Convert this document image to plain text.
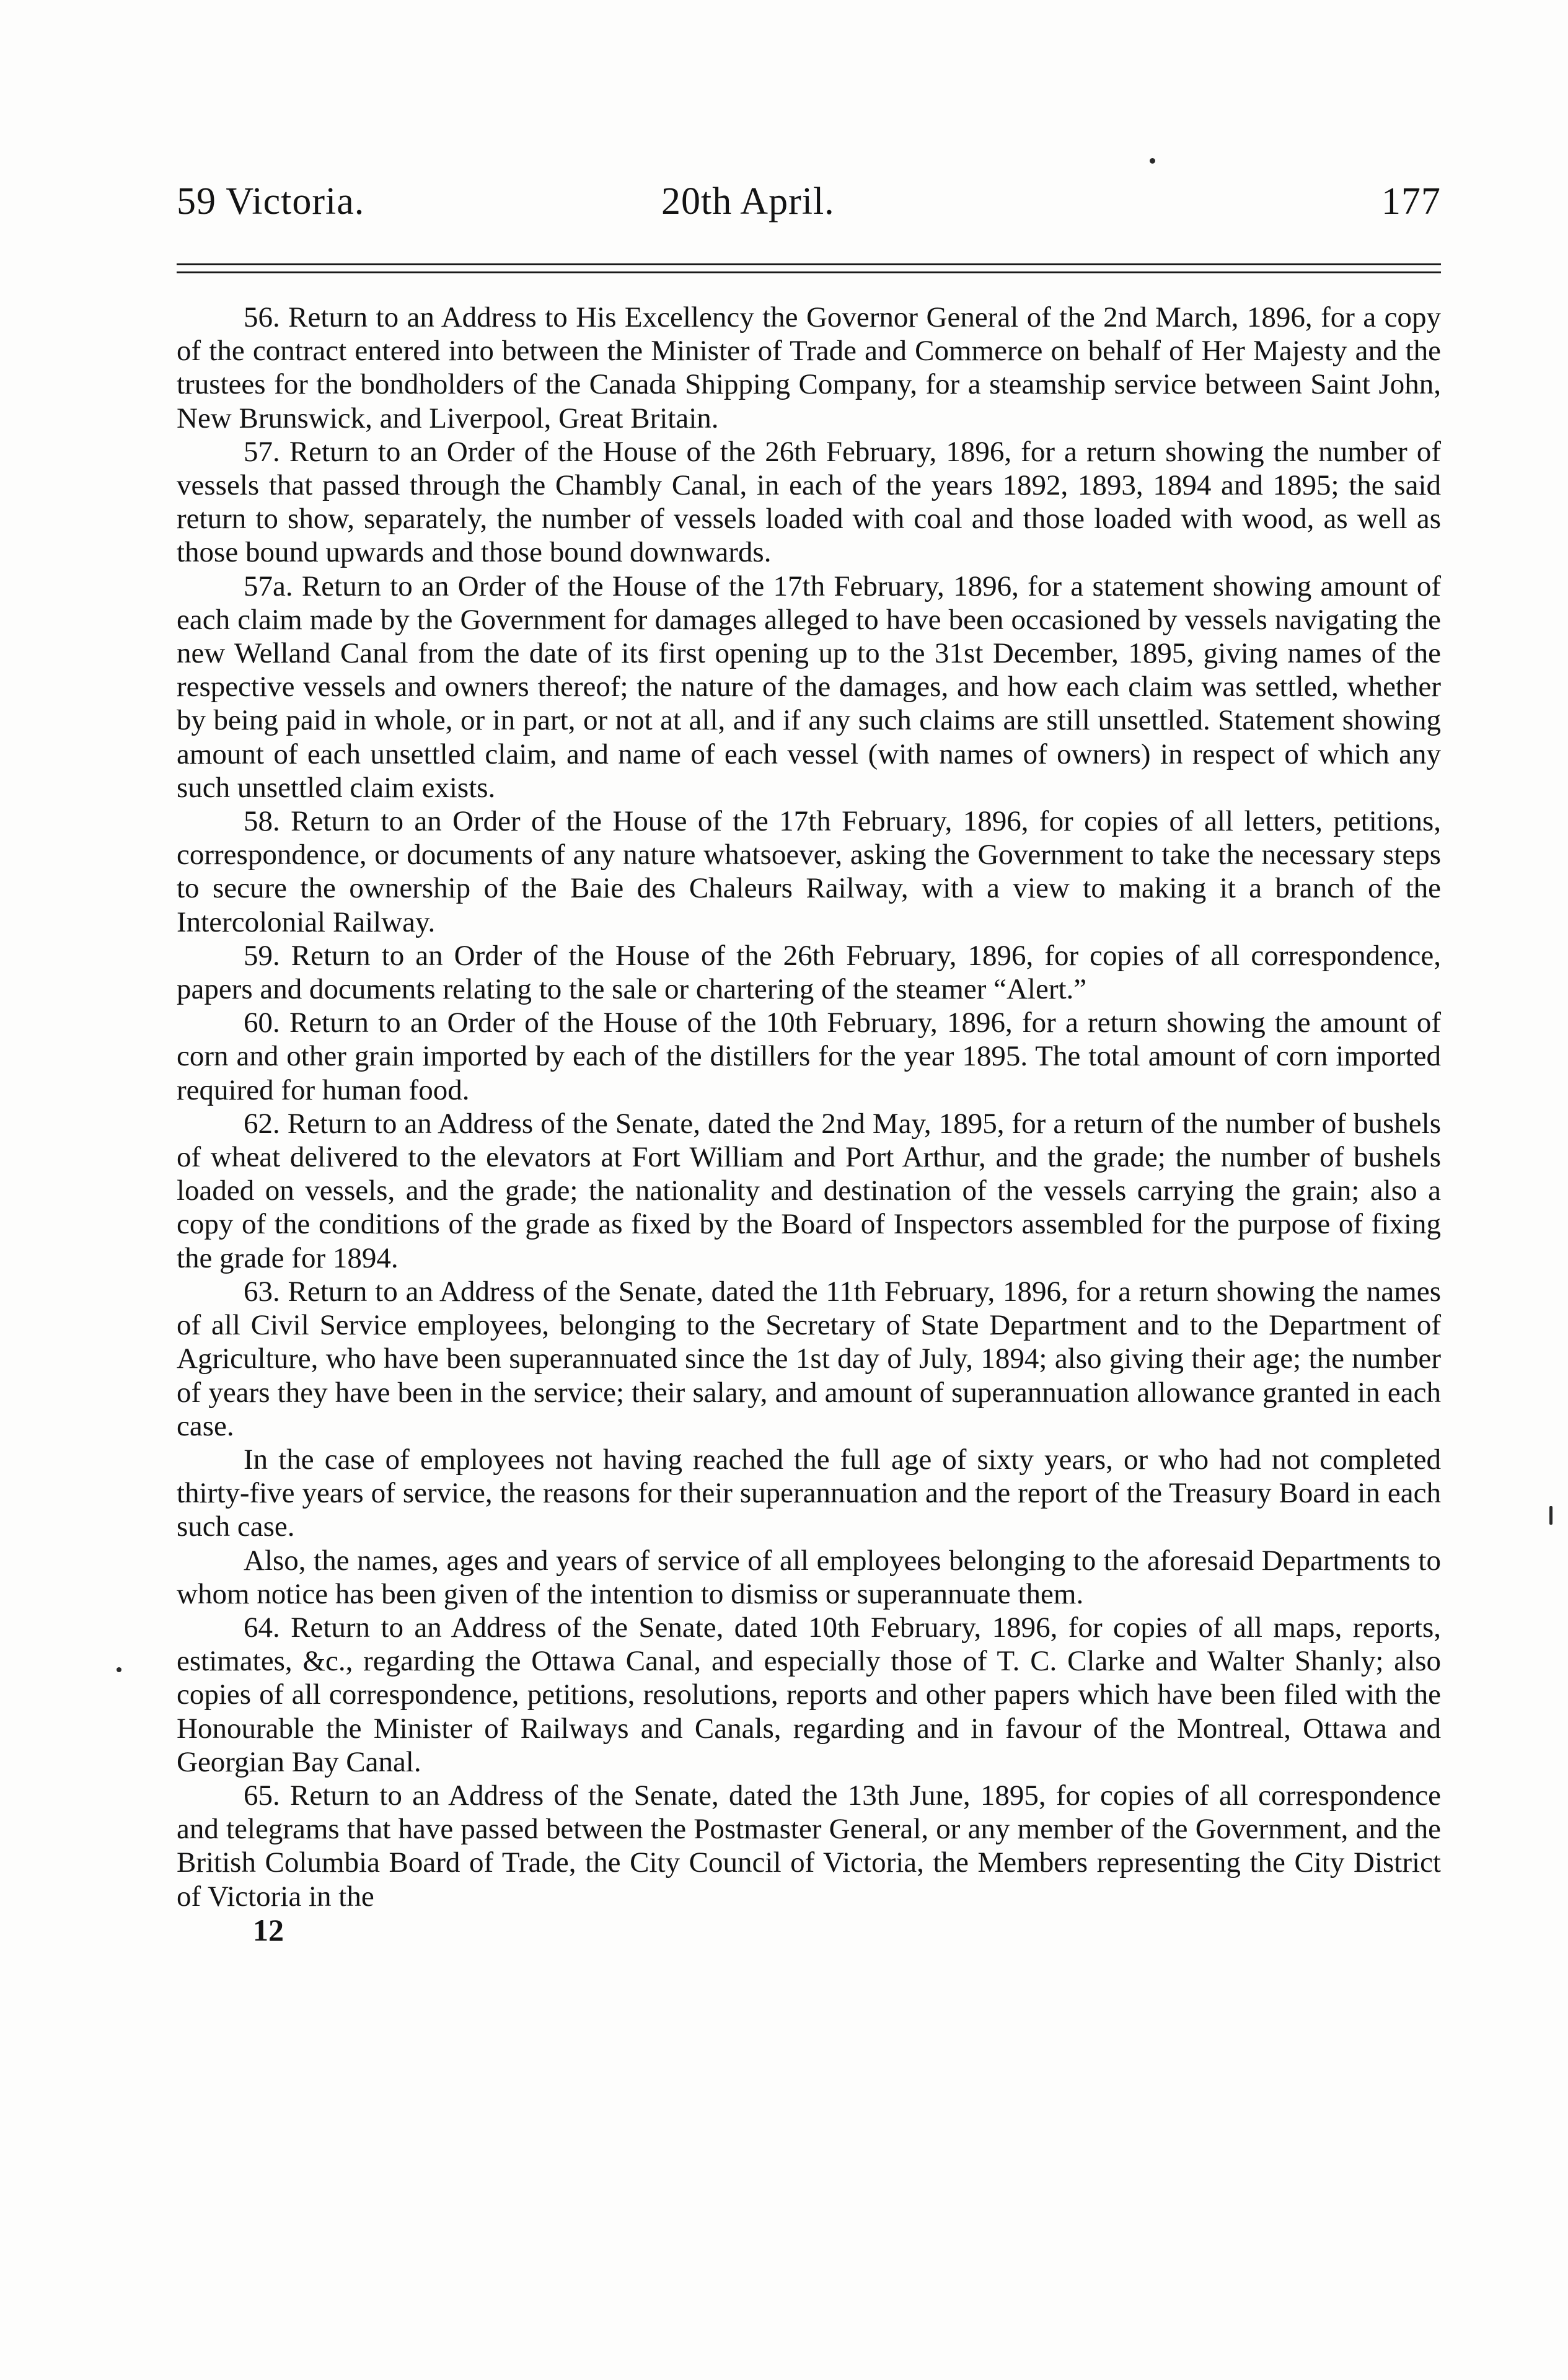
59 Victoria.	20th April.	177

56. Return to an Address to His Excellency the Governor General of the 2nd March, 1896, for a copy of the contract entered into between the Minister of Trade and Commerce on behalf of Her Majesty and the trustees for the bondholders of the Canada Shipping Company, for a steamship service between Saint John, New Brunswick, and Liverpool, Great Britain.

57. Return to an Order of the House of the 26th February, 1896, for a return showing the number of vessels that passed through the Chambly Canal, in each of the years 1892, 1893, 1894 and 1895; the said return to show, separately, the number of vessels loaded with coal and those loaded with wood, as well as those bound upwards and those bound downwards.

57a. Return to an Order of the House of the 17th February, 1896, for a statement showing amount of each claim made by the Government for damages alleged to have been occasioned by vessels navigating the new Welland Canal from the date of its first opening up to the 31st December, 1895, giving names of the respective vessels and owners thereof; the nature of the damages, and how each claim was settled, whether by being paid in whole, or in part, or not at all, and if any such claims are still unsettled. Statement showing amount of each unsettled claim, and name of each vessel (with names of owners) in respect of which any such unsettled claim exists.

58. Return to an Order of the House of the 17th February, 1896, for copies of all letters, petitions, correspondence, or documents of any nature whatsoever, asking the Government to take the necessary steps to secure the ownership of the Baie des Chaleurs Railway, with a view to making it a branch of the Intercolonial Railway.

59. Return to an Order of the House of the 26th February, 1896, for copies of all correspondence, papers and documents relating to the sale or chartering of the steamer “Alert.”

60. Return to an Order of the House of the 10th February, 1896, for a return showing the amount of corn and other grain imported by each of the distillers for the year 1895. The total amount of corn imported required for human food.

62. Return to an Address of the Senate, dated the 2nd May, 1895, for a return of the number of bushels of wheat delivered to the elevators at Fort William and Port Arthur, and the grade; the number of bushels loaded on vessels, and the grade; the nationality and destination of the vessels carrying the grain; also a copy of the conditions of the grade as fixed by the Board of Inspectors assembled for the purpose of fixing the grade for 1894.

63. Return to an Address of the Senate, dated the 11th February, 1896, for a return showing the names of all Civil Service employees, belonging to the Secretary of State Department and to the Department of Agriculture, who have been superannuated since the 1st day of July, 1894; also giving their age; the number of years they have been in the service; their salary, and amount of superannuation allowance granted in each case.

In the case of employees not having reached the full age of sixty years, or who had not completed thirty-five years of service, the reasons for their superannuation and the report of the Treasury Board in each such case.

Also, the names, ages and years of service of all employees belonging to the aforesaid Departments to whom notice has been given of the intention to dismiss or superannuate them.

64. Return to an Address of the Senate, dated 10th February, 1896, for copies of all maps, reports, estimates, &c., regarding the Ottawa Canal, and especially those of T. C. Clarke and Walter Shanly; also copies of all correspondence, petitions, resolutions, reports and other papers which have been filed with the Honourable the Minister of Railways and Canals, regarding and in favour of the Montreal, Ottawa and Georgian Bay Canal.

65. Return to an Address of the Senate, dated the 13th June, 1895, for copies of all correspondence and telegrams that have passed between the Postmaster General, or any member of the Government, and the British Columbia Board of Trade, the City Council of Victoria, the Members representing the City District of Victoria in the

12
